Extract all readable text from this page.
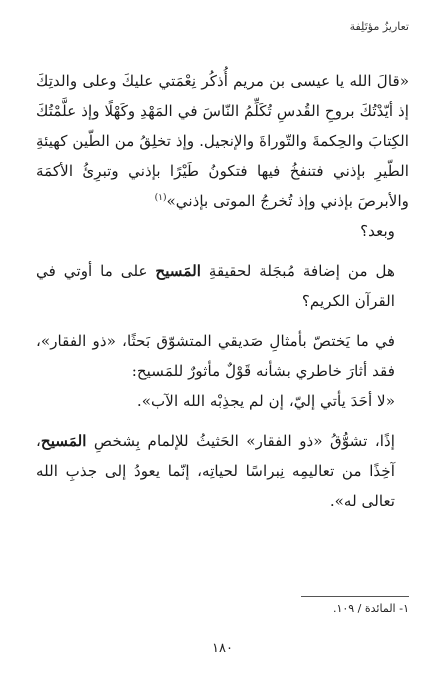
تعاريزُ مؤتَلِفة

«قالَ الله يا عيسى بن مريم أُذكُر نِعْمَتي عليكَ وعلى والدتِكَ إذ أيّدْتُكَ بروحِ القُدسِ تُكَلِّمُ النّاسَ في المَهْدِ وكَهْلًا وإذ علَّمْتُكَ الكِتابَ والحِكمةَ والتّوراةَ والإنجيل. وإذ تخلِقُ من الطّين كهيئةِ الطّيرِ بإذني فتنفخُ فيها فتكونُ طَيْرًا بإذني وتبرِئُ الأكمَهَ والأبرصَ بإذني وإذ تُخرجُ الموتى بإذني»$^{(١)}$

وبعد؟

هل من إضافة مُبجَلة لحقيقةِ المَسيح على ما أوتي في القرآن الكريم؟

في ما يَختصّ بأمثالِ صَديقي المتشوّق بَحثًا، «ذو الفقار»، فقد أثارَ خاطري بشأنه قَوْلٌ مأثورٌ للمَسيح:

«لا أحَدَ يأتي إليّ، إن لم يجذِبْه الله الآب».

إذًا، تشوُّقُ «ذو الفقار» الحَثيثُ للإلمام بِشخصِ المَسيح، آخِذًا من تعاليمِه نِبراسًا لحياتِه، إنّما يعودُ إلى جذبِ الله تعالى له».

١- المائدة / ١٠٩.
١٨٠
